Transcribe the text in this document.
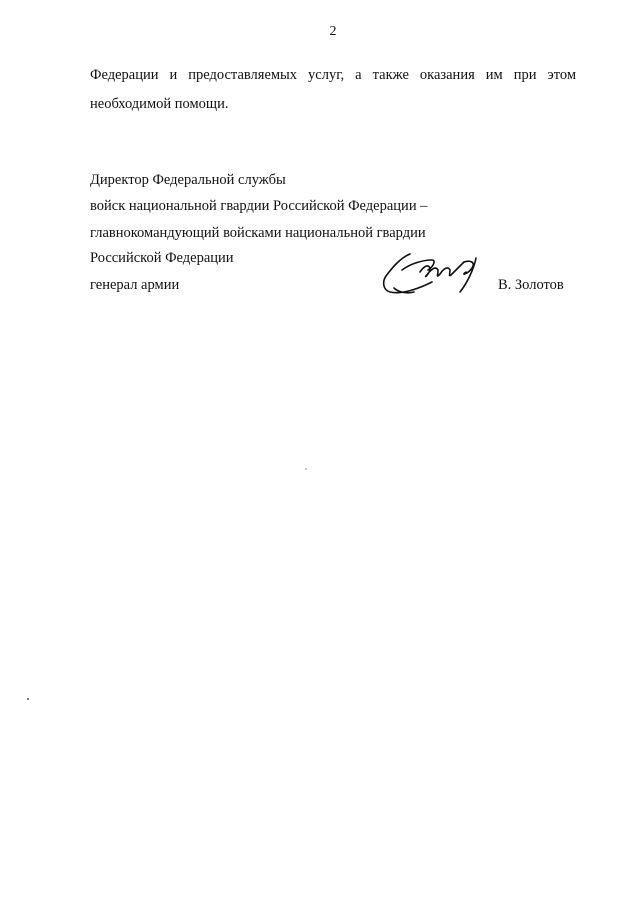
2
Федерации и предоставляемых услуг, а также оказания им при этом
необходимой помощи.
Директор Федеральной службы
войск национальной гвардии Российской Федерации –
главнокомандующий войсками национальной гвардии
Российской Федерации
генерал армии	В. Золотов
